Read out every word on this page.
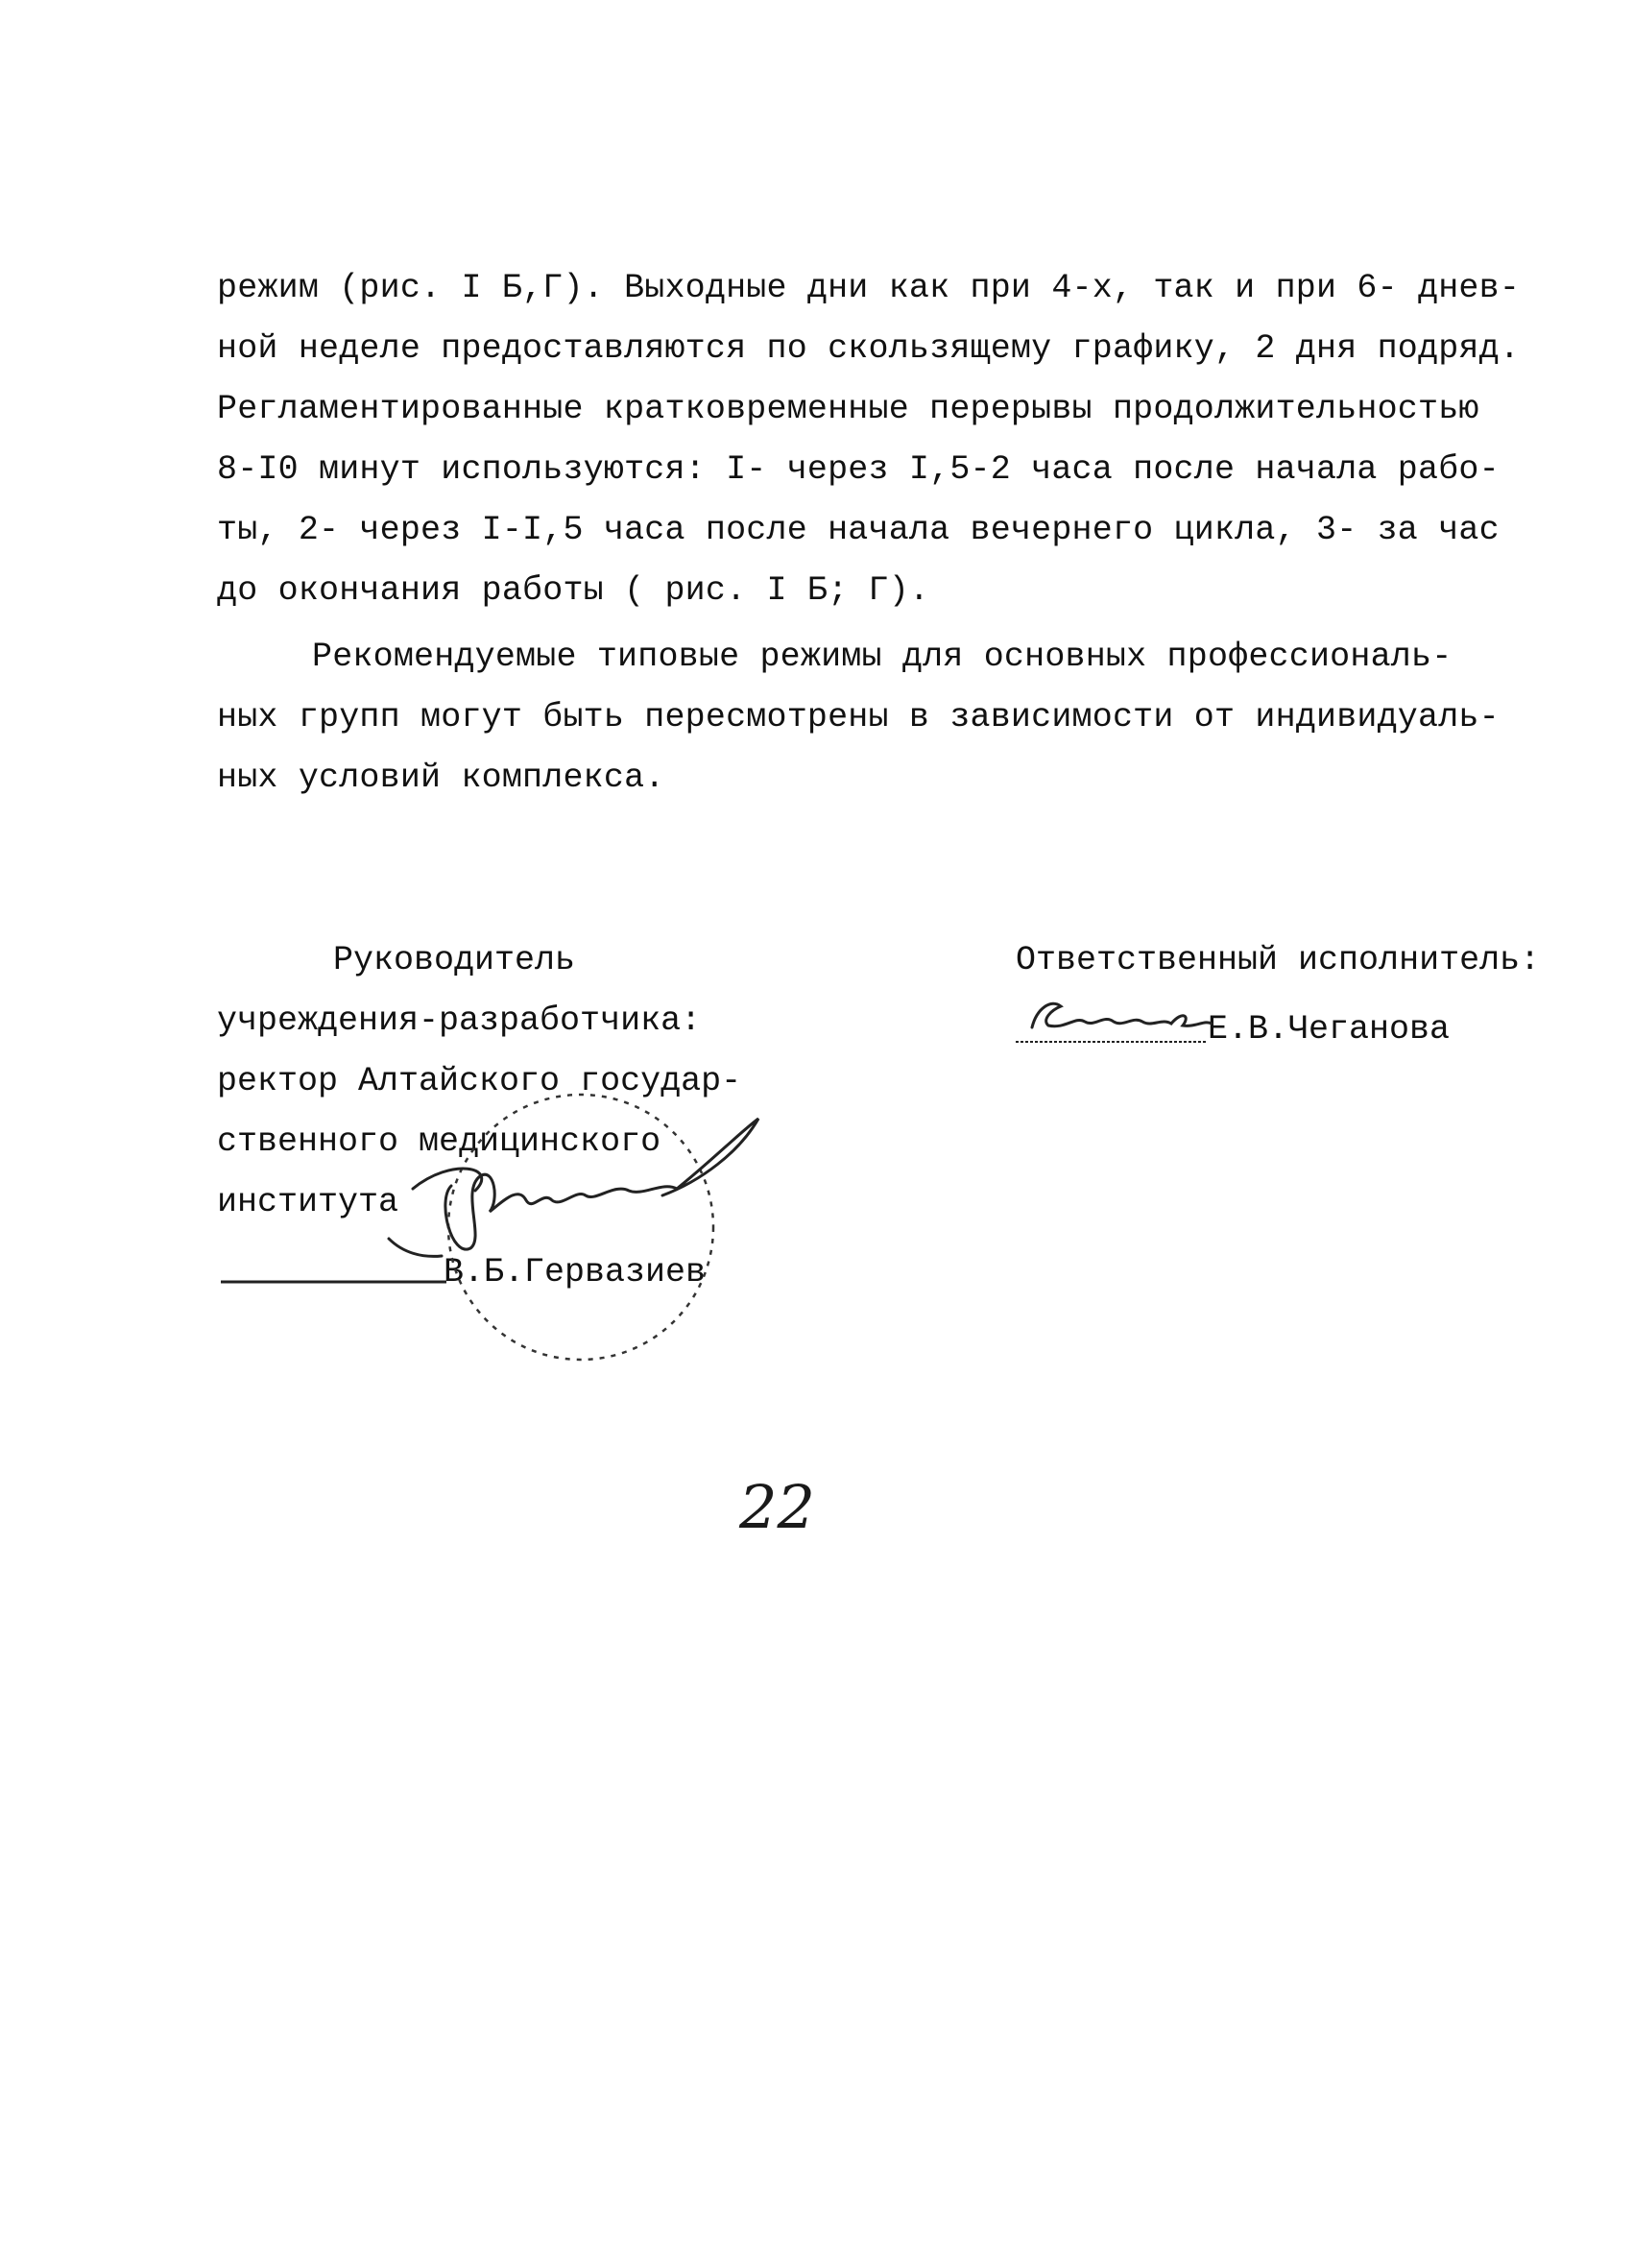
режим (рис. I Б,Г). Выходные дни как при 4-х, так и при 6- днев-
ной неделе предоставляются по скользящему графику, 2 дня подряд.
Регламентированные кратковременные перерывы продолжительностью
8-I0 минут используются: I- через I,5-2 часа после начала рабо-
ты, 2- через I-I,5 часа после начала вечернего цикла, 3- за час
до окончания работы ( рис. I Б; Г).
Рекомендуемые типовые режимы для основных профессиональ-
ных групп могут быть пересмотрены в зависимости от индивидуаль-
ных условий комплекса.
Руководитель
учреждения-разработчика:
ректор Алтайского государ-
ственного медицинского
института
В.Б.Гервазиев
Ответственный исполнитель:
Е.В.Чеганова
22
